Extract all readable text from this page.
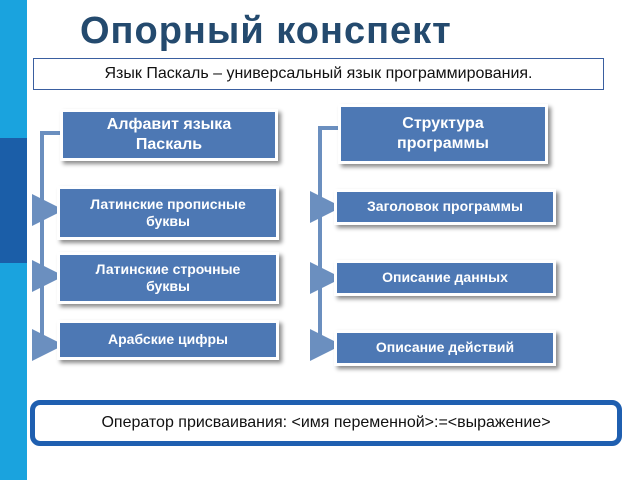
Опорный конспект
Язык Паскаль – универсальный язык программирования.
Алфавит языка
Паскаль
Латинские прописные
буквы
Латинские строчные
буквы
Арабские цифры
Структура
программы
Заголовок программы
Описание данных
Описание действий
Оператор присваивания: <имя переменной>:=<выражение>
